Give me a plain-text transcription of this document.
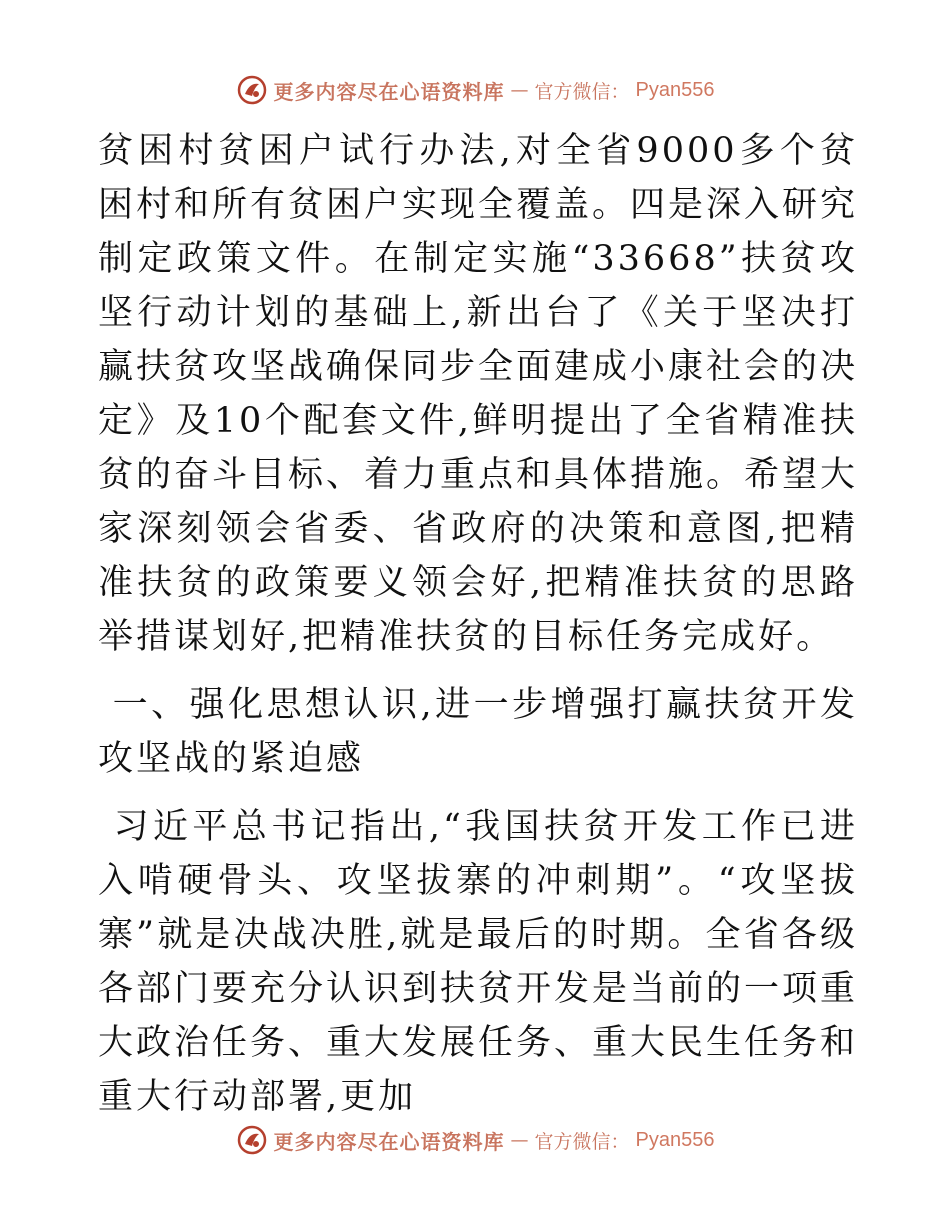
更多内容尽在心语资料库 — 官方微信： Pyan556

贫困村贫困户试行办法,对全省9000多个贫困村和所有贫困户实现全覆盖。四是深入研究制定政策文件。在制定实施“33668”扶贫攻坚行动计划的基础上,新出台了《关于坚决打赢扶贫攻坚战确保同步全面建成小康社会的决定》及10个配套文件,鲜明提出了全省精准扶贫的奋斗目标、着力重点和具体措施。希望大家深刻领会省委、省政府的决策和意图,把精准扶贫的政策要义领会好,把精准扶贫的思路举措谋划好,把精准扶贫的目标任务完成好。

一、强化思想认识,进一步增强打赢扶贫开发攻坚战的紧迫感

习近平总书记指出,“我国扶贫开发工作已进入啃硬骨头、攻坚拔寨的冲刺期”。“攻坚拔寨”就是决战决胜,就是最后的时期。全省各级各部门要充分认识到扶贫开发是当前的一项重大政治任务、重大发展任务、重大民生任务和重大行动部署,更加

更多内容尽在心语资料库 — 官方微信： Pyan556
